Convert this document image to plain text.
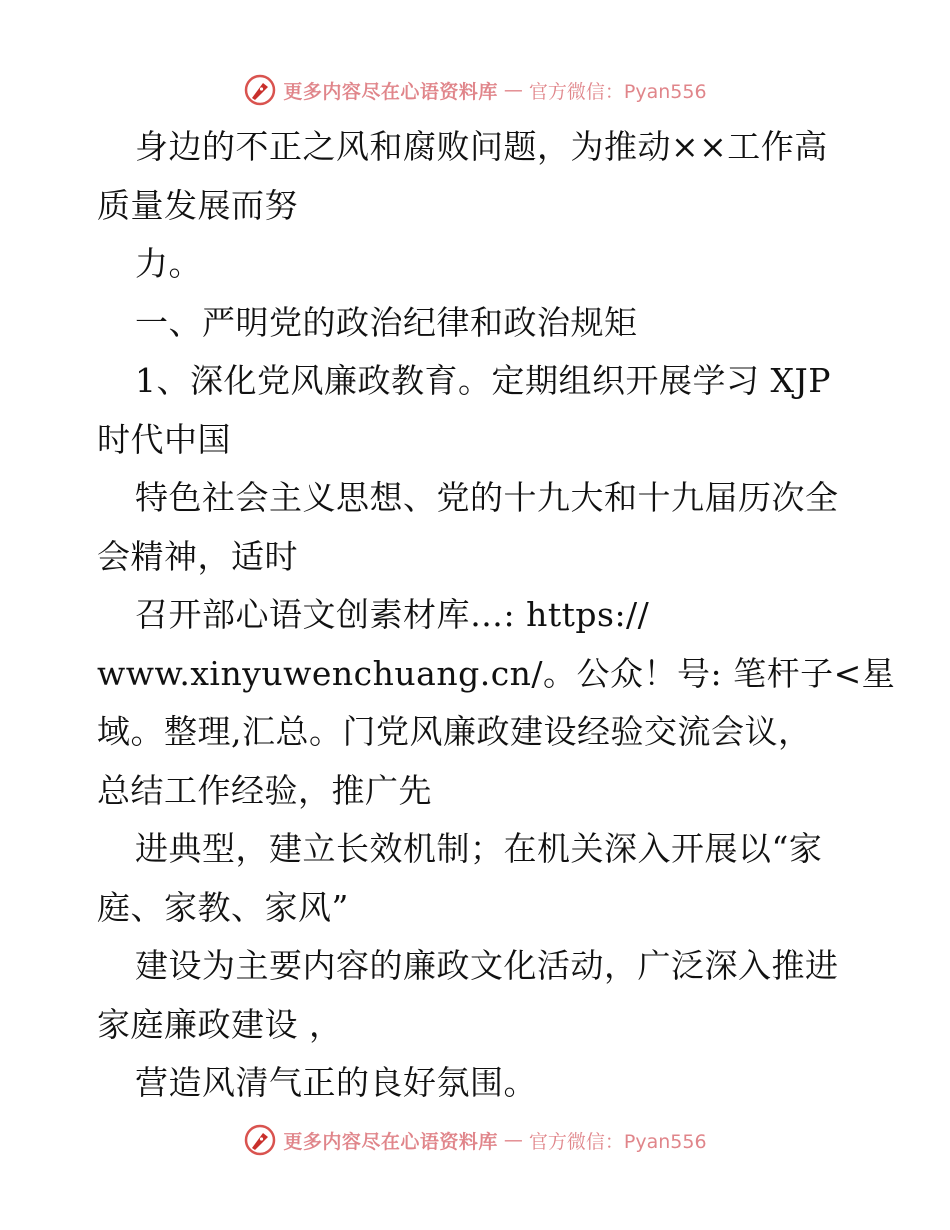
更多内容尽在心语资料库 — 官方微信：Pyan556
身边的不正之风和腐败问题，为推动××工作高
质量发展而努
力。
一、严明党的政治纪律和政治规矩
1、深化党风廉政教育。定期组织开展学习 XJP
时代中国
特色社会主义思想、党的十九大和十九届历次全
会精神，适时
召开部心语文创素材库…: https://
www.xinyuwenchuang.cn/。公众！号: 笔杆子<星
域。整理,汇总。门党风廉政建设经验交流会议，
总结工作经验，推广先
进典型，建立长效机制；在机关深入开展以“家
庭、家教、家风”
建设为主要内容的廉政文化活动，广泛深入推进
家庭廉政建设 ，
营造风清气正的良好氛围。
更多内容尽在心语资料库 — 官方微信：Pyan556
